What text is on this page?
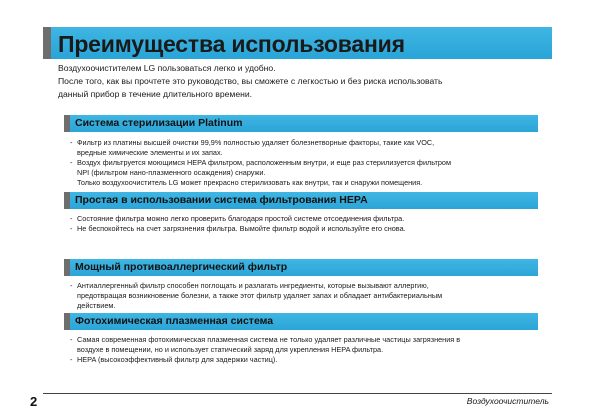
Преимущества использования
Воздухоочистителем LG пользоваться легко и удобно.
После того, как вы прочтете это руководство, вы сможете с легкостью и без риска использовать
данный прибор в течение длительного времени.
Система стерилизации Platinum
- Фильтр из платины высшей очистки 99,9% полностью удаляет болезнетворные факторы, такие как VOC,
вредные химические элементы и их запах.
- Воздух фильтруется моющимся HEPA фильтром, расположенным внутри, и еще раз стерилизуется фильтром
NPI (фильтром нано-плазменного осаждения) снаружи.
Только воздухоочиститель LG может прекрасно стерилизовать как внутри, так и снаружи помещения.
Простая в использовании система фильтрования HEPA
- Состояние фильтра можно легко проверить благодаря простой системе отсоединения фильтра.
- Не беспокойтесь на счет загрязнения фильтра. Вымойте фильтр водой и используйте его снова.
Мощный противоаллергический фильтр
- Антиаллергенный фильтр способен поглощать и разлагать ингредиенты, которые вызывают аллергию,
предотвращая возникновение болезни, а также этот фильтр удаляет запах и обладает антибактериальным
действием.
Фотохимическая плазменная система
- Самая современная фотохимическая плазменная система не только удаляет различные частицы загрязнения в
воздухе в помещении, но и использует статический заряд для укрепления HEPA фильтра.
- HEPA (высокоэффективный фильтр для задержки частиц).
2	Воздухоочиститель
